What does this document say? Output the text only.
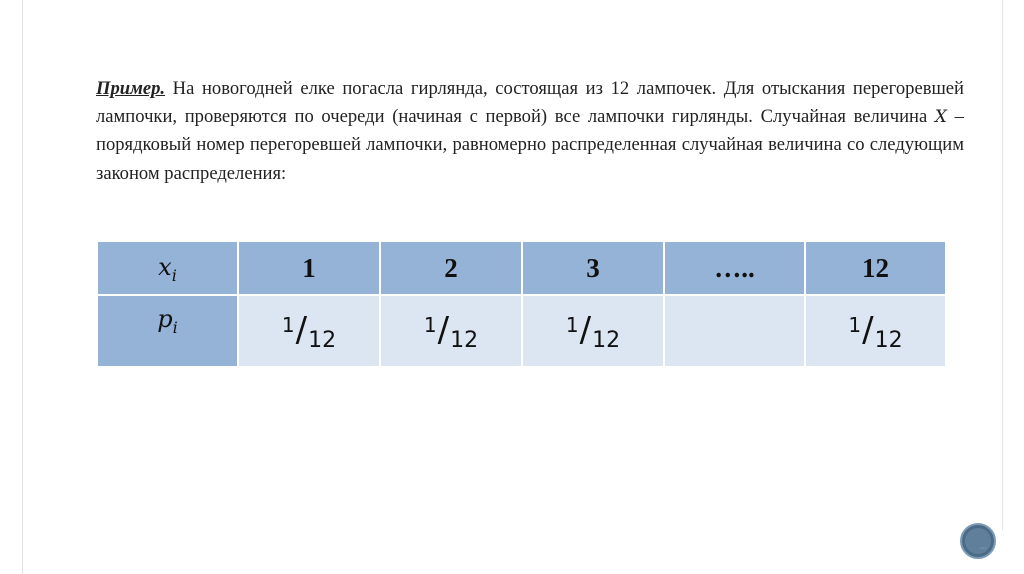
Пример. На новогодней елке погасла гирлянда, состоящая из 12 лампочек. Для отыскания перегоревшей лампочки, проверяются по очереди (начиная с первой) все лампочки гирлянды. Случайная величина X – порядковый номер перегоревшей лампочки, равномерно распределенная случайная величина со следующим законом распределения:

$x_i$	1	2	3	…..	12
$p_i$	1/12	1/12	1/12		1/12
⋯
